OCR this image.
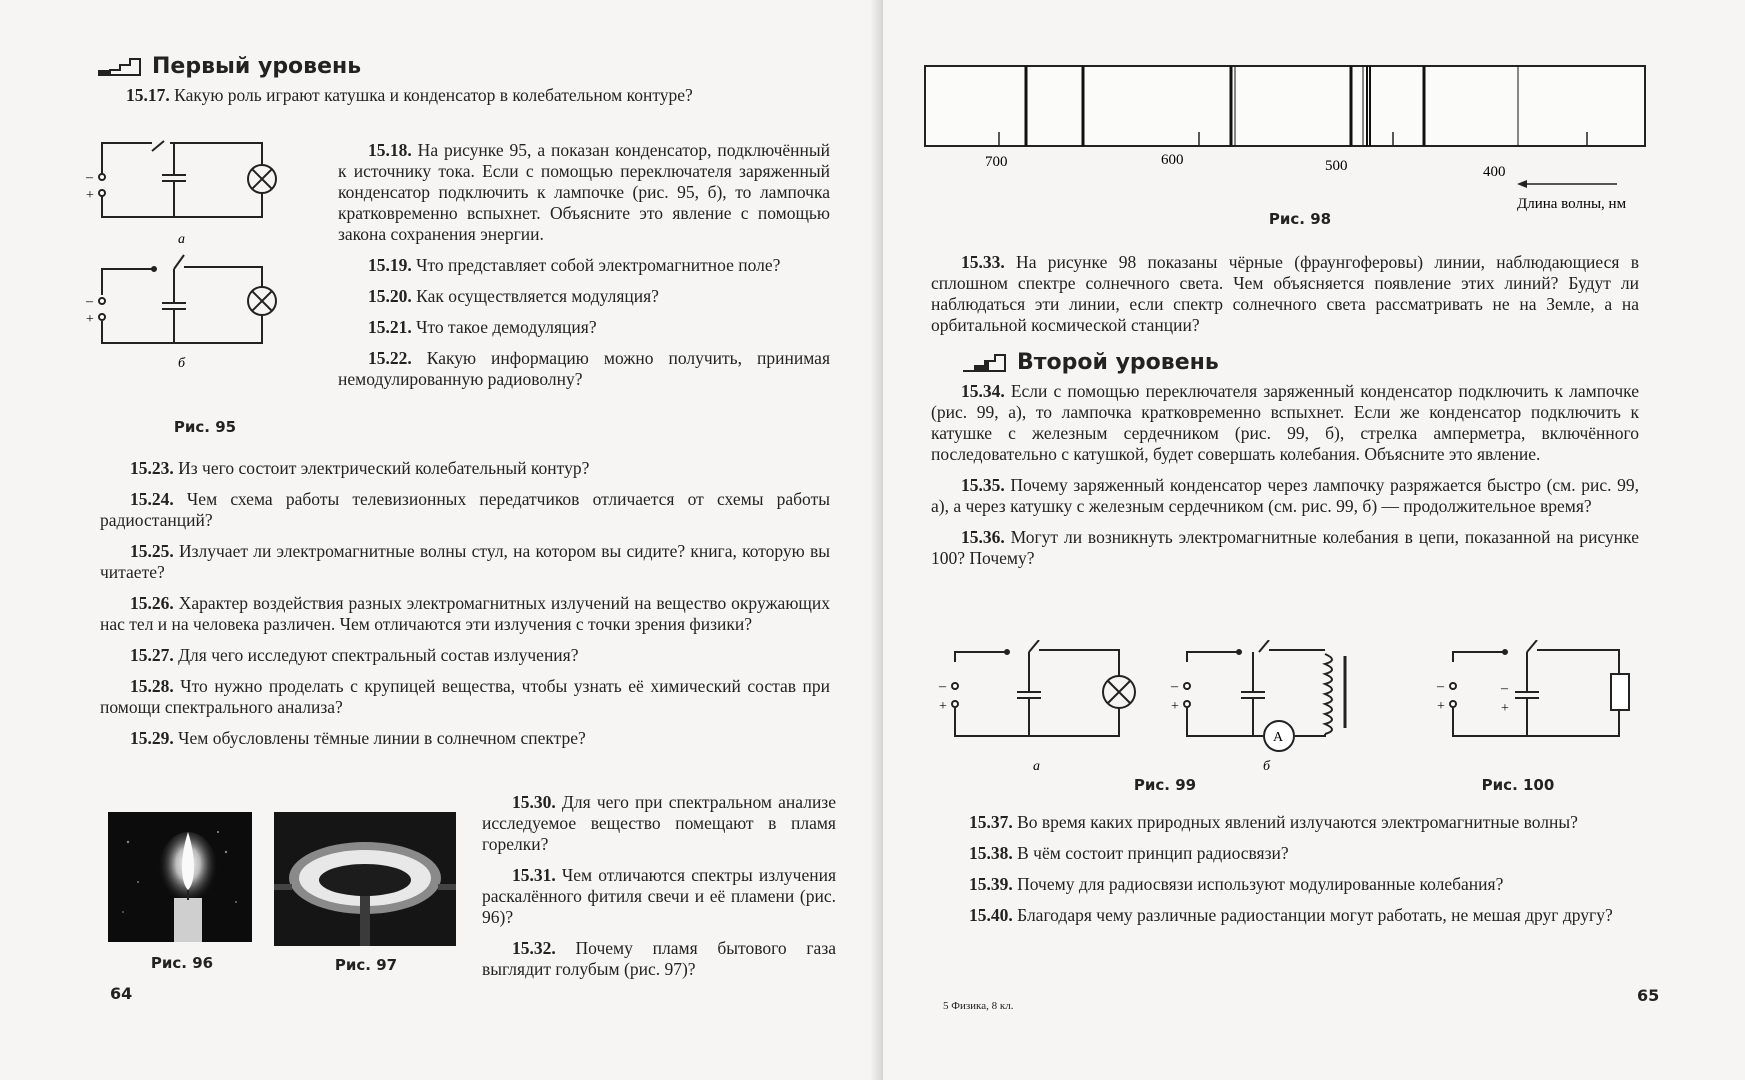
Первый уровень

15.17. Какую роль играют катушка и конденсатор в колебательном контуре?

–
+
а
–
+
б
Рис. 95

15.18. На рисунке 95, а показан конденсатор, подключённый к источнику тока. Если с помощью переключателя заряженный конденсатор подключить к лампочке (рис. 95, б), то лампочка кратковременно вспыхнет. Объясните это явление с помощью закона сохранения энергии.

15.19. Что представляет собой электромагнитное поле?

15.20. Как осуществляется модуляция?

15.21. Что такое демодуляция?

15.22. Какую информацию можно получить, принимая немодулированную радиоволну?

15.23. Из чего состоит электрический колебательный контур?

15.24. Чем схема работы телевизионных передатчиков отличается от схемы работы радиостанций?

15.25. Излучает ли электромагнитные волны стул, на котором вы сидите? книга, которую вы читаете?

15.26. Характер воздействия разных электромагнитных излучений на вещество окружающих нас тел и на человека различен. Чем отличаются эти излучения с точки зрения физики?

15.27. Для чего исследуют спектральный состав излучения?

15.28. Что нужно проделать с крупицей вещества, чтобы узнать её химический состав при помощи спектрального анализа?

15.29. Чем обусловлены тёмные линии в солнечном спектре?

Рис. 96	Рис. 97

15.30. Для чего при спектральном анализе исследуемое вещество помещают в пламя горелки?

15.31. Чем отличаются спектры излучения раскалённого фитиля свечи и её пламени (рис. 96)?

15.32. Почему пламя бытового газа выглядит голубым (рис. 97)?

64
700	600	500	400
Длина волны, нм
Рис. 98

15.33. На рисунке 98 показаны чёрные (фраунгоферовы) линии, наблюдающиеся в сплошном спектре солнечного света. Чем объясняется появление этих линий? Будут ли наблюдаться эти линии, если спектр солнечного света рассматривать не на Земле, а на орбитальной космической станции?

Второй уровень

15.34. Если с помощью переключателя заряженный конденсатор подключить к лампочке (рис. 99, а), то лампочка кратковременно вспыхнет. Если же конденсатор подключить к катушке с железным сердечником (рис. 99, б), стрелка амперметра, включённого последовательно с катушкой, будет совершать колебания. Объясните это явление.

15.35. Почему заряженный конденсатор через лампочку разряжается быстро (см. рис. 99, а), а через катушку с железным сердечником (см. рис. 99, б) — продолжительное время?

15.36. Могут ли возникнуть электромагнитные колебания в цепи, показанной на рисунке 100? Почему?

–
+
а
A
–
+
б
–
+
–
+
Рис. 99	Рис. 100

15.37. Во время каких природных явлений излучаются электромагнитные волны?

15.38. В чём состоит принцип радиосвязи?

15.39. Почему для радиосвязи используют модулированные колебания?

15.40. Благодаря чему различные радиостанции могут работать, не мешая друг другу?

5 Физика, 8 кл.
65
